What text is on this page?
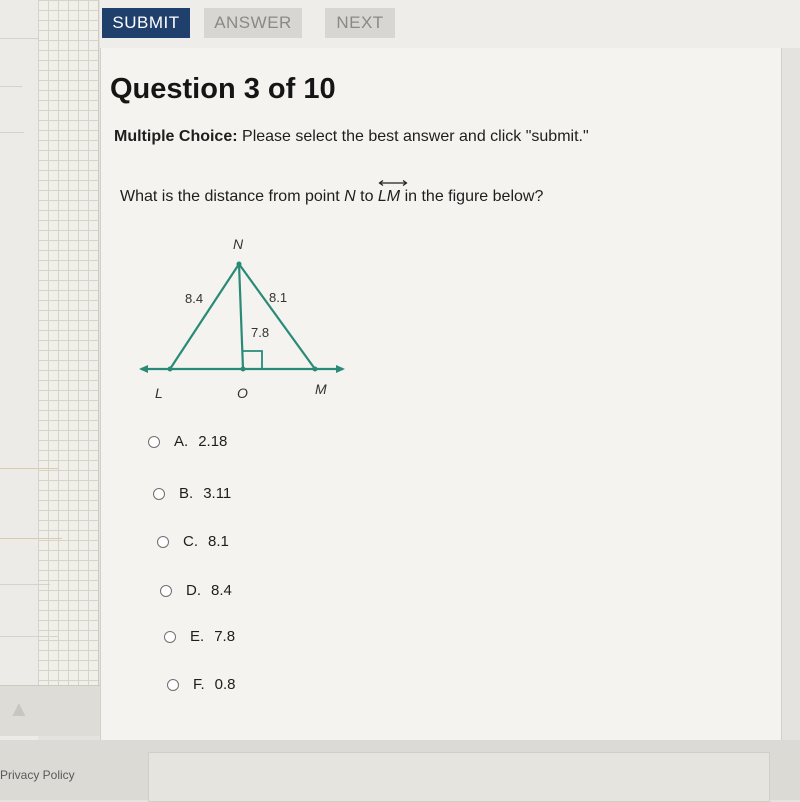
▲
SUBMIT	ANSWER	NEXT
Question 3 of 10
Multiple Choice: Please select the best answer and click "submit."
What is the distance from point N to
LM in the figure below?
N
L	O	M
8.4	8.1
7.8
A. 2.18
B. 3.11
C. 8.1
D. 8.4
E. 7.8
F. 0.8
Privacy Policy
